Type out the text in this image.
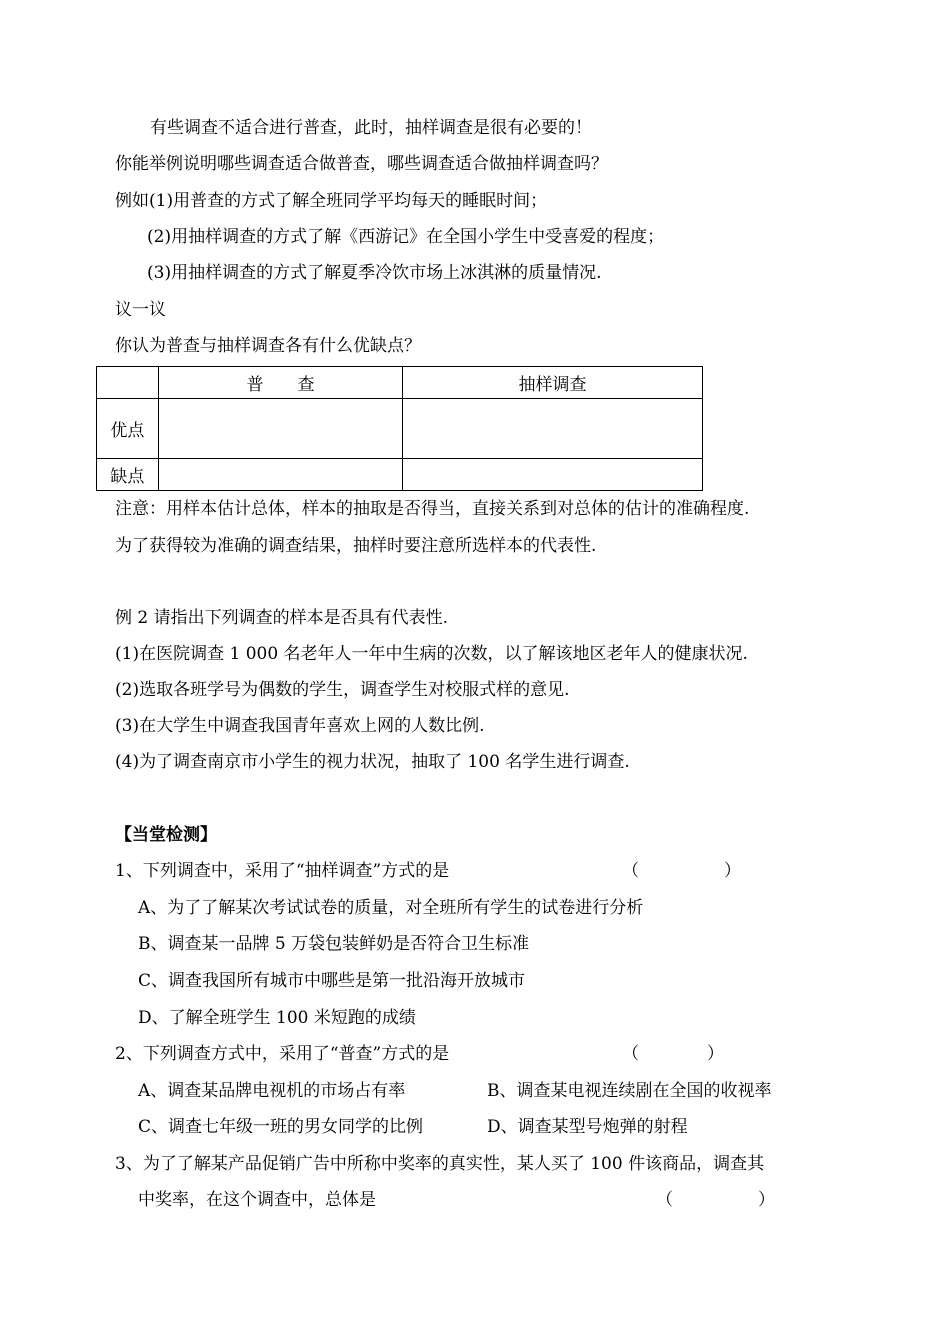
有些调查不适合进行普查，此时，抽样调查是很有必要的！
你能举例说明哪些调查适合做普查，哪些调查适合做抽样调查吗？
例如(1)用普查的方式了解全班同学平均每天的睡眠时间；
(2)用抽样调查的方式了解《西游记》在全国小学生中受喜爱的程度；
(3)用抽样调查的方式了解夏季冷饮市场上冰淇淋的质量情况.
议一议
你认为普查与抽样调查各有什么优缺点？
	普　　查	抽样调查
优点		
缺点		
注意：用样本估计总体，样本的抽取是否得当，直接关系到对总体的估计的准确程度.
为了获得较为准确的调查结果，抽样时要注意所选样本的代表性.
例 2 请指出下列调查的样本是否具有代表性.
(1)在医院调查 1 000 名老年人一年中生病的次数，以了解该地区老年人的健康状况.
(2)选取各班学号为偶数的学生，调查学生对校服式样的意见.
(3)在大学生中调查我国青年喜欢上网的人数比例.
(4)为了调查南京市小学生的视力状况，抽取了 100 名学生进行调查.
【当堂检测】
1、下列调查中，采用了“抽样调查”方式的是	（　　　　　）
A、为了了解某次考试试卷的质量，对全班所有学生的试卷进行分析
B、调查某一品牌 5 万袋包装鲜奶是否符合卫生标准
C、调查我国所有城市中哪些是第一批沿海开放城市
D、了解全班学生 100 米短跑的成绩
2、下列调查方式中，采用了“普查”方式的是	（　　　　）
A、调查某品牌电视机的市场占有率	B、调查某电视连续剧在全国的收视率
C、调查七年级一班的男女同学的比例	D、调查某型号炮弹的射程
3、为了了解某产品促销广告中所称中奖率的真实性，某人买了 100 件该商品，调查其
中奖率，在这个调查中，总体是	（　　　　　）
